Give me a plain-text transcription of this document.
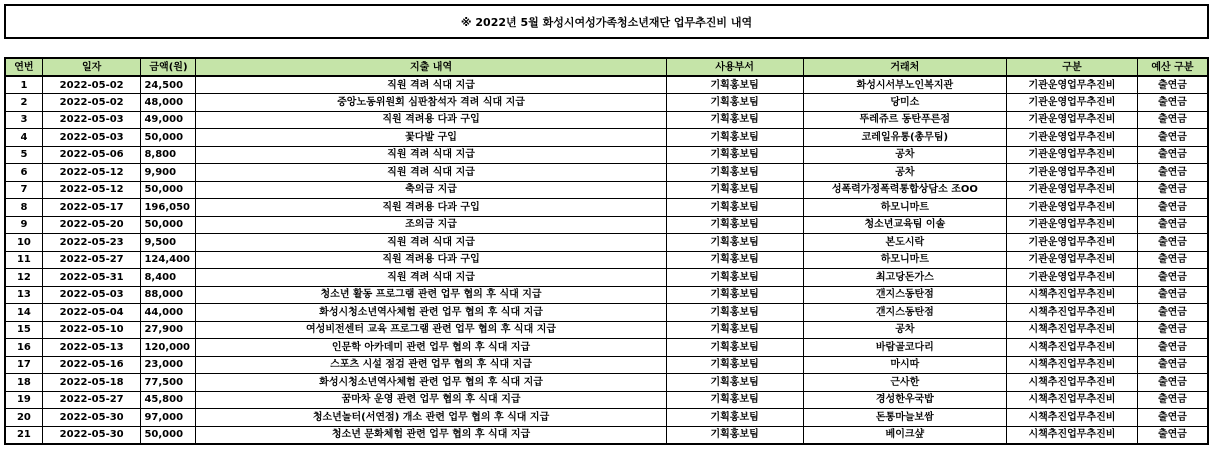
※ 2022년 5월 화성시여성가족청소년재단 업무추진비 내역
연번	일자	금액(원)	지출 내역	사용부서	거래처	구분	예산 구분
1	2022-05-02	24,500	직원 격려 식대 지급	기획홍보팀	화성시서부노인복지관	기관운영업무추진비	출연금
2	2022-05-02	48,000	중앙노동위원회 심판참석자 격려 식대 지급	기획홍보팀	당미소	기관운영업무추진비	출연금
3	2022-05-03	49,000	직원 격려용 다과 구입	기획홍보팀	뚜레쥬르 동탄푸른점	기관운영업무추진비	출연금
4	2022-05-03	50,000	꽃다발 구입	기획홍보팀	코레일유통(총무팀)	기관운영업무추진비	출연금
5	2022-05-06	8,800	직원 격려 식대 지급	기획홍보팀	공차	기관운영업무추진비	출연금
6	2022-05-12	9,900	직원 격려 식대 지급	기획홍보팀	공차	기관운영업무추진비	출연금
7	2022-05-12	50,000	축의금 지급	기획홍보팀	성폭력가정폭력통합상담소 조OO	기관운영업무추진비	출연금
8	2022-05-17	196,050	직원 격려용 다과 구입	기획홍보팀	하모니마트	기관운영업무추진비	출연금
9	2022-05-20	50,000	조의금 지급	기획홍보팀	청소년교육팀 이솔	기관운영업무추진비	출연금
10	2022-05-23	9,500	직원 격려 식대 지급	기획홍보팀	본도시락	기관운영업무추진비	출연금
11	2022-05-27	124,400	직원 격려용 다과 구입	기획홍보팀	하모니마트	기관운영업무추진비	출연금
12	2022-05-31	8,400	직원 격려 식대 지급	기획홍보팀	최고당돈가스	기관운영업무추진비	출연금
13	2022-05-03	88,000	청소년 활동 프로그램 관련 업무 협의 후 식대 지급	기획홍보팀	갠지스동탄점	시책추진업무추진비	출연금
14	2022-05-04	44,000	화성시청소년역사체험 관련 업무 협의 후 식대 지급	기획홍보팀	갠지스동탄점	시책추진업무추진비	출연금
15	2022-05-10	27,900	여성비전센터 교육 프로그램 관련 업무 협의 후 식대 지급	기획홍보팀	공차	시책추진업무추진비	출연금
16	2022-05-13	120,000	인문학 아카데미 관련 업무 협의 후 식대 지급	기획홍보팀	바람골코다리	시책추진업무추진비	출연금
17	2022-05-16	23,000	스포츠 시설 점검 관련 업무 협의 후 식대 지급	기획홍보팀	마시따	시책추진업무추진비	출연금
18	2022-05-18	77,500	화성시청소년역사체험 관련 업무 협의 후 식대 지급	기획홍보팀	근사한	시책추진업무추진비	출연금
19	2022-05-27	45,800	꿈마차 운영 관련 업무 협의 후 식대 지급	기획홍보팀	경성한우국밥	시책추진업무추진비	출연금
20	2022-05-30	97,000	청소년놀터(서연점) 개소 관련 업무 협의 후 식대 지급	기획홍보팀	돈통마늘보쌈	시책추진업무추진비	출연금
21	2022-05-30	50,000	청소년 문화체험 관련 업무 협의 후 식대 지급	기획홍보팀	베이크샾	시책추진업무추진비	출연금
